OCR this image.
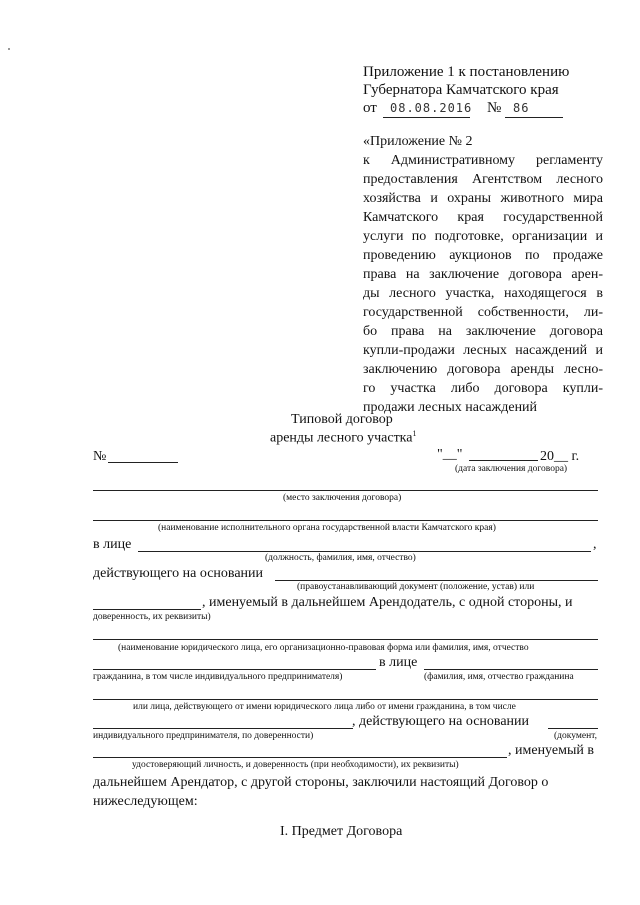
Приложение 1 к постановлению
Губернатора Камчатского края
от 08.08.2016 № 86
«Приложение № 2
к Административному регламенту
предоставления Агентством лесного
хозяйства и охраны животного мира
Камчатского края государственной
услуги по подготовке, организации и
проведению аукционов по продаже
права на заключение договора арен-
ды лесного участка, находящегося в
государственной собственности, ли-
бо права на заключение договора
купли-продажи лесных насаждений и
заключению договора аренды лесно-
го участка либо договора купли-
продажи лесных насаждений
Типовой договор
аренды лесного участка$^1$
№	"__"	20__ г.
(дата заключения договора)
(место заключения договора)
(наименование исполнительного органа государственной власти Камчатского края)
в лице	,
(должность, фамилия, имя, отчество)
действующего на основании
(правоустанавливающий документ (положение, устав) или
, именуемый в дальнейшем Арендодатель, с одной стороны, и
доверенность, их реквизиты)
(наименование юридического лица, его организационно-правовая форма или фамилия, имя, отчество
в лице
гражданина, в том числе индивидуального предпринимателя)	(фамилия, имя, отчество гражданина
или лица, действующего от имени юридического лица либо от имени гражданина, в том числе
, действующего на основании
индивидуального предпринимателя, по доверенности)	(документ,
, именуемый в
удостоверяющий личность, и доверенность (при необходимости), их реквизиты)
дальнейшем Арендатор, с другой стороны, заключили настоящий Договор о
нижеследующем:
I. Предмет Договора
